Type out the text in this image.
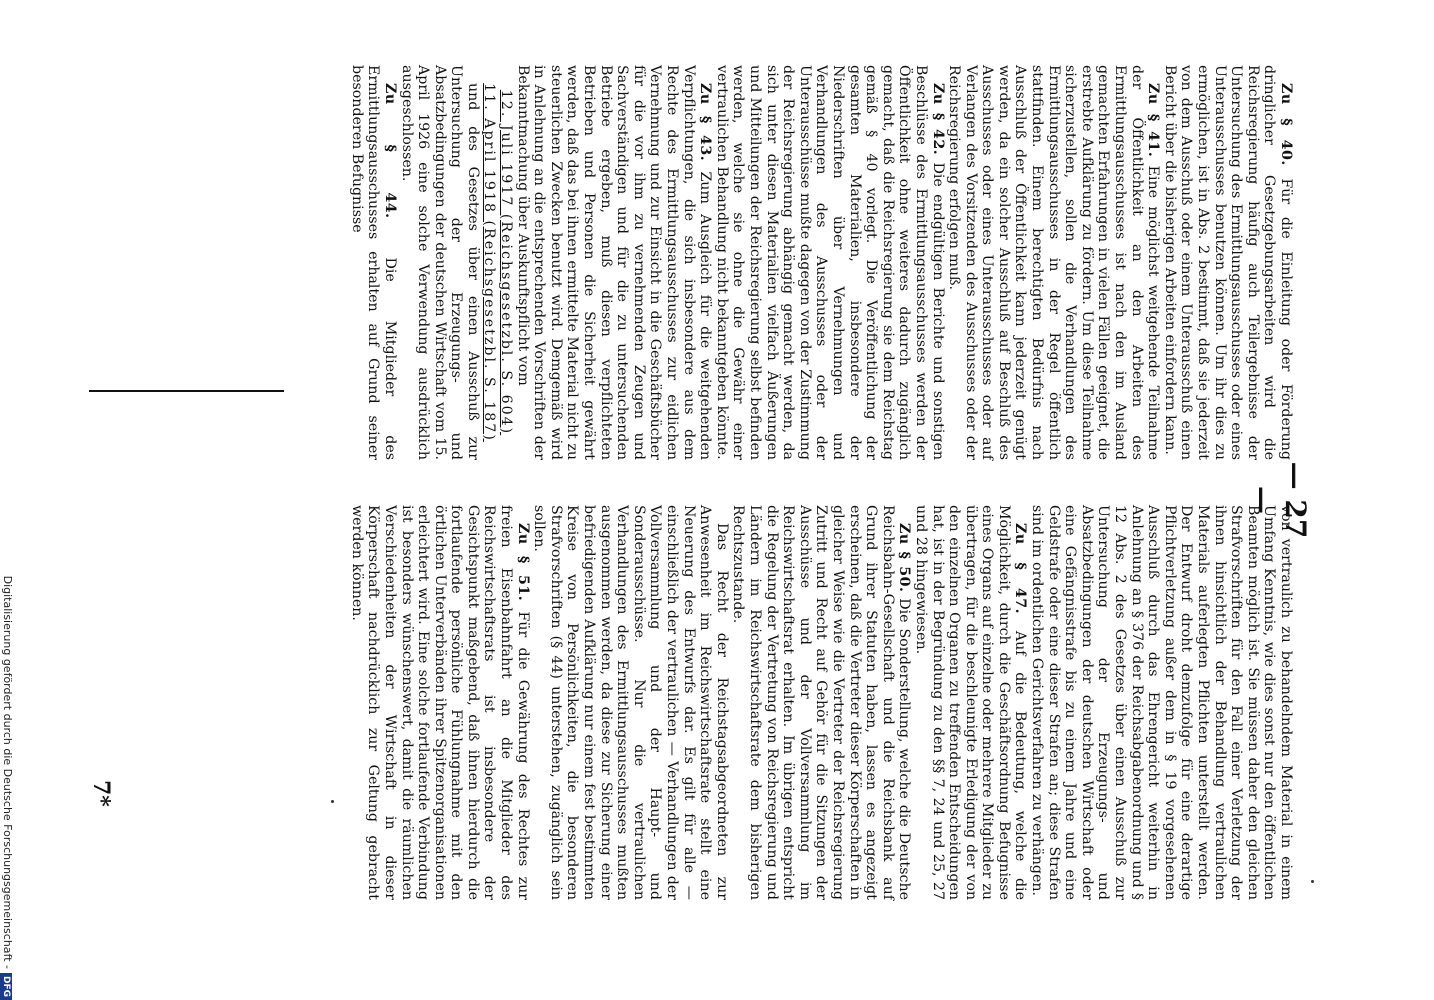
— 27 —

Zu § 40. Für die Einleitung oder Förderung dringlicher Gesetzgebungsarbeiten wird die Reichsregierung häufig auch Teilergebnisse der Untersuchung des Ermittlungsausschusses oder eines Unterausschusses benutzen können. Um ihr dies zu ermöglichen, ist in Abs. 2 bestimmt, daß sie jederzeit von dem Ausschuß oder einem Unterausschuß einen Bericht über die bisherigen Arbeiten einfordern kann.

Zu § 41. Eine möglichst weitgehende Teilnahme der Öffentlichkeit an den Arbeiten des Ermittlungsausschusses ist nach den im Ausland gemachten Erfahrungen in vielen Fällen geeignet, die erstrebte Aufklärung zu fördern. Um diese Teilnahme sicherzustellen, sollen die Verhandlungen des Ermittlungsausschusses in der Regel öffentlich stattfinden. Einem berechtigten Bedürfnis nach Ausschluß der Öffentlichkeit kann jederzeit genügt werden, da ein solcher Ausschluß auf Beschluß des Ausschusses oder eines Unterausschusses oder auf Verlangen des Vorsitzenden des Ausschusses oder der Reichsregierung erfolgen muß.

Zu § 42. Die endgültigen Berichte und sonstigen Beschlüsse des Ermittlungsausschusses werden der Öffentlichkeit ohne weiteres dadurch zugänglich gemacht, daß die Reichsregierung sie dem Reichstag gemäß § 40 vorlegt. Die Veröffentlichung der gesamten Materialien, insbesondere der Niederschriften über Vernehmungen und Verhandlungen des Ausschusses oder der Unterausschüsse mußte dagegen von der Zustimmung der Reichsregierung abhängig gemacht werden, da sich unter diesen Materialien vielfach Äußerungen und Mitteilungen der Reichsregierung selbst befinden werden, welche sie ohne die Gewähr einer vertraulichen Behandlung nicht bekanntgeben könnte.

Zu § 43. Zum Ausgleich für die weitgehenden Verpflichtungen, die sich insbesondere aus dem Rechte des Ermittlungsausschusses zur eidlichen Vernehmung und zur Einsicht in die Geschäftsbücher für die vor ihm zu vernehmenden Zeugen und Sachverständigen und für die zu untersuchenden Betriebe ergeben, muß diesen verpflichteten Betrieben und Personen die Sicherheit gewährt werden, daß das bei ihnen ermittelte Material nicht zu steuerlichen Zwecken benutzt wird. Demgemäß wird in Anlehnung an die entsprechenden Vorschriften der Bekanntmachung über Auskunftspflicht vom

12. Juli 1917 (Reichsgesetzbl. S. 604)

11. April 1918 (Reichsgesetzbl. S. 187)

und des Gesetzes über einen Ausschuß zur Untersuchung der Erzeugungs- und Absatzbedingungen der deutschen Wirtschaft vom 15. April 1926 eine solche Verwendung ausdrücklich ausgeschlossen.

Zu § 44. Die Mitglieder des Ermittlungsausschusses erhalten auf Grund seiner besonderen Befugnisse

von vertraulich zu behandelndem Material in einem Umfang Kenntnis, wie dies sonst nur den öffentlichen Beamten möglich ist. Sie müssen daher den gleichen Strafvorschriften für den Fall einer Verletzung der ihnen hinsichtlich der Behandlung vertraulichen Materials auferlegten Pflichten unterstellt werden. Der Entwurf droht demzufolge für eine derartige Pflichtverletzung außer dem in § 19 vorgesehenen Ausschluß durch das Ehrengericht weiterhin in Anlehnung an § 376 der Reichsabgabenordnung und § 12 Abs. 2 des Gesetzes über einen Ausschuß zur Untersuchung der Erzeugungs- und Absatzbedingungen der deutschen Wirtschaft oder eine Gefängnisstrafe bis zu einem Jahre und eine Geldstrafe oder eine dieser Strafen an; diese Strafen sind im ordentlichen Gerichtsverfahren zu verhängen.

Zu § 47. Auf die Bedeutung, welche die Möglichkeit, durch die Geschäftsordnung Befugnisse eines Organs auf einzelne oder mehrere Mitglieder zu übertragen, für die beschleunigte Erledigung der von den einzelnen Organen zu treffenden Entscheidungen hat, ist in der Begründung zu den §§ 7, 24 und 25, 27 und 28 hingewiesen.

Zu § 50. Die Sonderstellung, welche die Deutsche Reichsbahn-Gesellschaft und die Reichsbank auf Grund ihrer Statuten haben, lassen es angezeigt erscheinen, daß die Vertreter dieser Körperschaften in gleicher Weise wie die Vertreter der Reichsregierung Zutritt und Recht auf Gehör für die Sitzungen der Ausschüsse und der Vollversammlung im Reichswirtschaftsrat erhalten. Im übrigen entspricht die Regelung der Vertretung von Reichsregierung und Ländern im Reichswirtschaftsrate dem bisherigen Rechtszustande.

Das Recht der Reichstagsabgeordneten zur Anwesenheit im Reichswirtschaftsrate stellt eine Neuerung des Entwurfs dar. Es gilt für alle — einschließlich der vertraulichen — Verhandlungen der Vollversammlung und der Haupt- und Sonderausschüsse. Nur die vertraulichen Verhandlungen des Ermittlungsausschusses mußten ausgenommen werden, da diese zur Sicherung einer befriedigenden Aufklärung nur einem fest bestimmten Kreise von Persönlichkeiten, die besonderen Strafvorschriften (§ 44) unterstehen, zugänglich sein sollen.

Zu § 51. Für die Gewährung des Rechtes zur freien Eisenbahnfahrt an die Mitglieder des Reichswirtschaftsrats ist insbesondere der Gesichtspunkt maßgebend, daß ihnen hierdurch die fortlaufende persönliche Fühlungnahme mit den örtlichen Unterverbänden ihrer Spitzenorganisationen erleichtert wird. Eine solche fortlaufende Verbindung ist besonders wünschenswert, damit die räumlichen Verschiedenheiten der Wirtschaft in dieser Körperschaft nachdrücklich zur Geltung gebracht werden können.

7*
Digitalisierung gefördert durch die Deutsche Forschungsgemeinschaft -DFG
